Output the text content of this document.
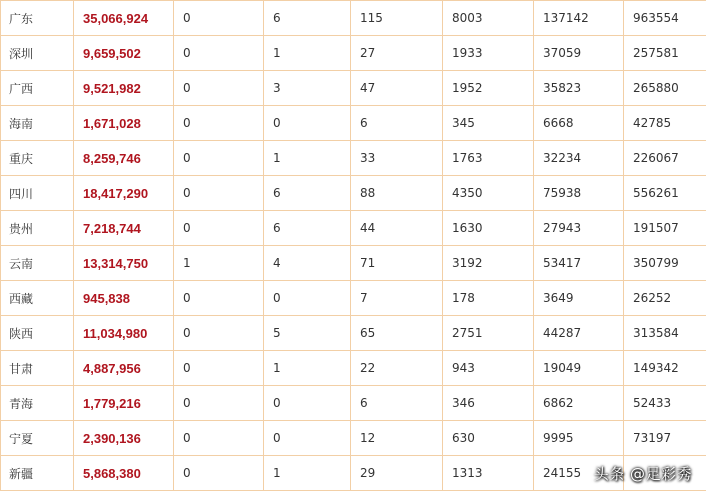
广东	35,066,924	0	6	115	8003	137142	963554
深圳	9,659,502	0	1	27	1933	37059	257581
广西	9,521,982	0	3	47	1952	35823	265880
海南	1,671,028	0	0	6	345	6668	42785
重庆	8,259,746	0	1	33	1763	32234	226067
四川	18,417,290	0	6	88	4350	75938	556261
贵州	7,218,744	0	6	44	1630	27943	191507
云南	13,314,750	1	4	71	3192	53417	350799
西藏	945,838	0	0	7	178	3649	26252
陕西	11,034,980	0	5	65	2751	44287	313584
甘肃	4,887,956	0	1	22	943	19049	149342
青海	1,779,216	0	0	6	346	6862	52433
宁夏	2,390,136	0	0	12	630	9995	73197
新疆	5,868,380	0	1	29	1313	24155	头条 @足彩秀
